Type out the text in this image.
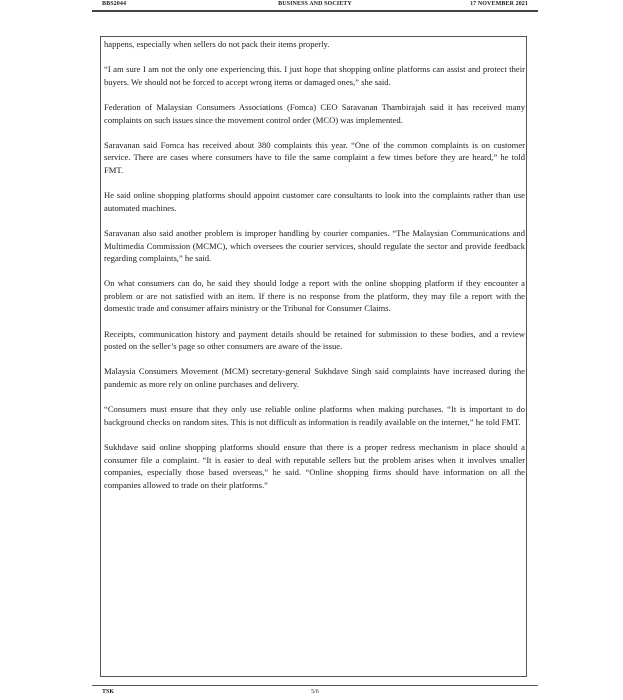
BBS2044	BUSINESS AND SOCIETY	17 NOVEMBER 2021

happens, especially when sellers do not pack their items properly.

“I am sure I am not the only one experiencing this. I just hope that shopping online platforms can assist and protect their buyers. We should not be forced to accept wrong items or damaged ones,” she said.

Federation of Malaysian Consumers Associations (Fomca) CEO Saravanan Thambirajah said it has received many complaints on such issues since the movement control order (MCO) was implemented.

Saravanan said Fomca has received about 380 complaints this year. “One of the common complaints is on customer service. There are cases where consumers have to file the same complaint a few times before they are heard,” he told FMT.

He said online shopping platforms should appoint customer care consultants to look into the complaints rather than use automated machines.

Saravanan also said another problem is improper handling by courier companies. “The Malaysian Communications and Multimedia Commission (MCMC), which oversees the courier services, should regulate the sector and provide feedback regarding complaints,” he said.

On what consumers can do, he said they should lodge a report with the online shopping platform if they encounter a problem or are not satisfied with an item. If there is no response from the platform, they may file a report with the domestic trade and consumer affairs ministry or the Tribunal for Consumer Claims.

Receipts, communication history and payment details should be retained for submission to these bodies, and a review posted on the seller’s page so other consumers are aware of the issue.

Malaysia Consumers Movement (MCM) secretary-general Sukhdave Singh said complaints have increased during the pandemic as more rely on online purchases and delivery.

“Consumers must ensure that they only use reliable online platforms when making purchases. “It is important to do background checks on random sites. This is not difficult as information is readily available on the internet,” he told FMT.

Sukhdave said online shopping platforms should ensure that there is a proper redress mechanism in place should a consumer file a complaint. “It is easier to deal with reputable sellers but the problem arises when it involves smaller companies, especially those based overseas,” he said. “Online shopping firms should have information on all the companies allowed to trade on their platforms.”

TSK	5/6
